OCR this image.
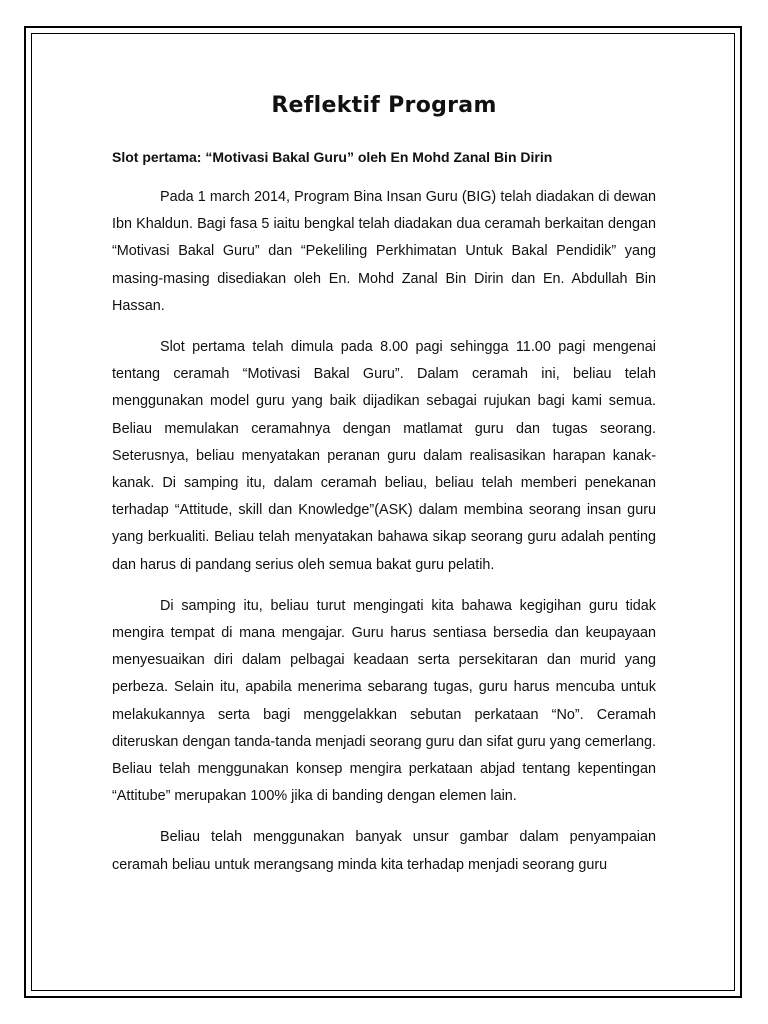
Reflektif Program
Slot pertama: “Motivasi Bakal Guru” oleh En Mohd Zanal Bin Dirin

Pada 1 march 2014, Program Bina Insan Guru (BIG) telah diadakan di dewan Ibn Khaldun. Bagi fasa 5 iaitu bengkal telah diadakan dua ceramah berkaitan dengan “Motivasi Bakal Guru” dan “Pekeliling Perkhimatan Untuk Bakal Pendidik” yang masing-masing disediakan oleh En. Mohd Zanal Bin Dirin dan En. Abdullah Bin Hassan.

Slot pertama telah dimula pada 8.00 pagi sehingga 11.00 pagi mengenai tentang ceramah “Motivasi Bakal Guru”. Dalam ceramah ini, beliau telah menggunakan model guru yang baik dijadikan sebagai rujukan bagi kami semua. Beliau memulakan ceramahnya dengan matlamat guru dan tugas seorang. Seterusnya, beliau menyatakan peranan guru dalam realisasikan harapan kanak-kanak. Di samping itu, dalam ceramah beliau, beliau telah memberi penekanan terhadap “Attitude, skill dan Knowledge”(ASK) dalam membina seorang insan guru yang berkualiti. Beliau telah menyatakan bahawa sikap seorang guru adalah penting dan harus di pandang serius oleh semua bakat guru pelatih.

Di samping itu, beliau turut mengingati kita bahawa kegigihan guru tidak mengira tempat di mana mengajar. Guru harus sentiasa bersedia dan keupayaan menyesuaikan diri dalam pelbagai keadaan serta persekitaran dan murid yang perbeza. Selain itu, apabila menerima sebarang tugas, guru harus mencuba untuk melakukannya serta bagi menggelakkan sebutan perkataan “No”. Ceramah diteruskan dengan tanda-tanda menjadi seorang guru dan sifat guru yang cemerlang. Beliau telah menggunakan konsep mengira perkataan abjad tentang kepentingan “Attitube” merupakan 100% jika di banding dengan elemen lain.

Beliau telah menggunakan banyak unsur gambar dalam penyampaian ceramah beliau untuk merangsang minda kita terhadap menjadi seorang guru
